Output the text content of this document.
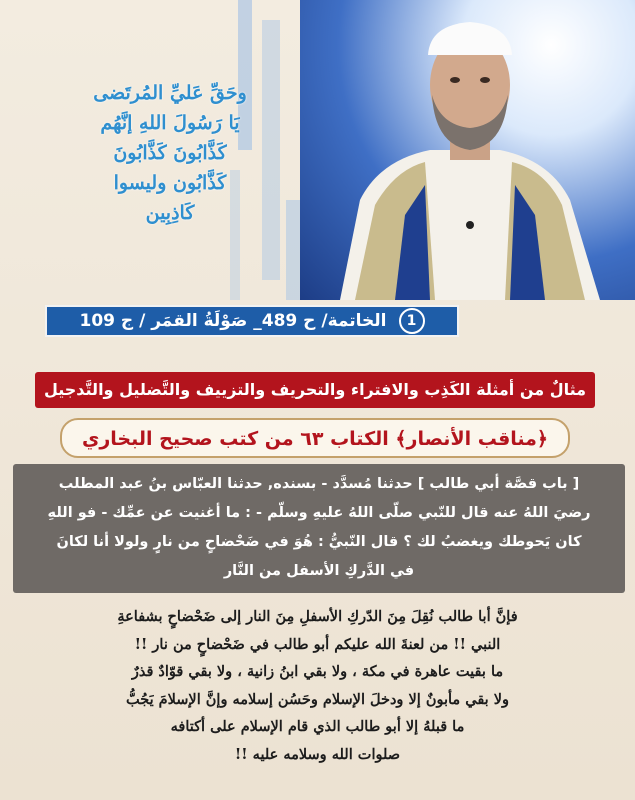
وحَقِّ عَليِّ المُرتَضى
يَا رَسُولَ اللهِ إنَّهُم
كَذَّابُونَ كَذَّابُونَ
كَذَّابُون وليسوا
كَاذِبِين
1
الخاتمة/ ح 489_ صَوْلَةُ القمَر / ج 109
مثالٌ من أمثلة الكَذِب والافتراء والتحريف والتزييف والتَّضليل والتَّدجيل
﴿مناقب الأنصار﴾ الكتاب ٦٣ من كتب صحيح البخاري
[ باب قصَّة أبي طالب ] حدثنا مُسدَّد - بسنده, حدثنا العبّاس بنُ عبد المطلب
رضيَ اللهُ عنه قال للنّبي صلّى اللهُ عليهِ وسلّم - : ما أغنيت عن عمِّك - فو اللهِ
كان يَحوطك ويغضبُ لك ؟ قال النّبيُّ : هُوَ في ضَحْضاحٍ من نارٍ ولولا أنا لكانَ
في الدَّركِ الأسفل من النَّار
فإنَّ أبا طالب نُقِلَ مِنَ الدّركِ الأسفلِ مِنَ النار إلى ضَحْضاحٍ بشفاعةِ
النبي !! من لعنةَ الله عليكم أبو طالب في ضَحْضاحٍ من نار !!
ما بقيت عاهرة في مكة ، ولا بقي ابنُ زانية ، ولا بقي قوّادٌ قذرٌ
ولا بقي مأبونٌ إلا ودخلَ الإسلام وحَسُن إسلامه وإنَّ الإسلامَ يَجُبُّ
ما قبلهُ إلا أبو طالب الذي قام الإسلام على أكتافه
صلوات الله وسلامه عليه !!
